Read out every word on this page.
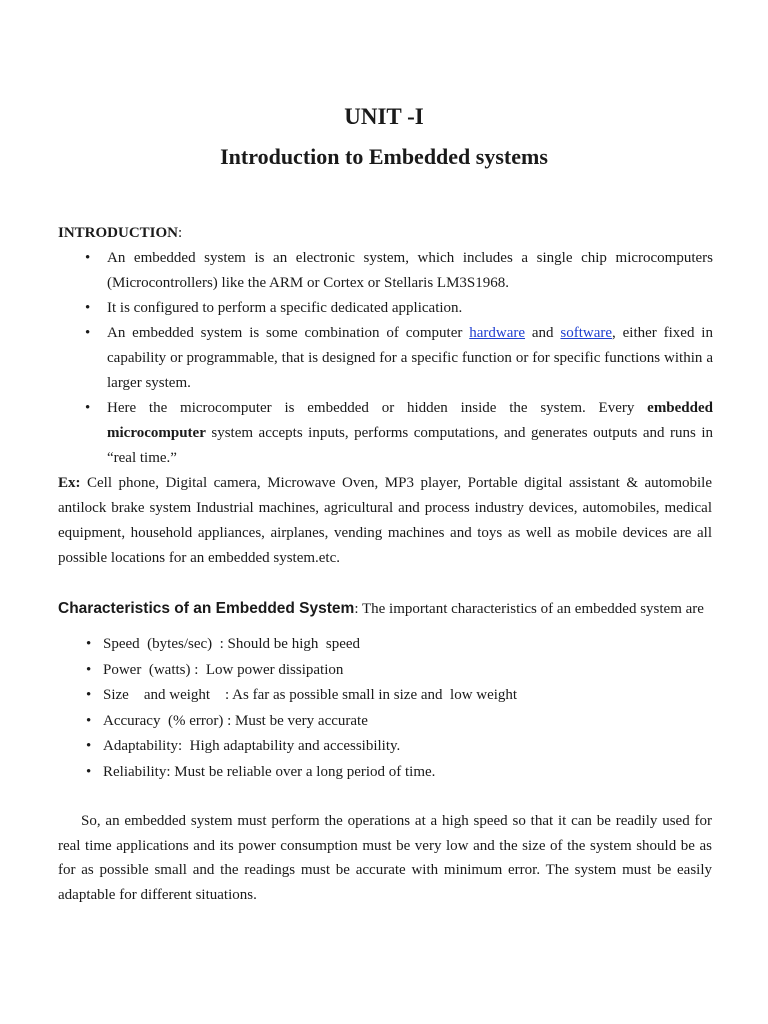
UNIT -I
Introduction to Embedded systems
INTRODUCTION:
• An embedded system is an electronic system, which includes a single chip microcomputers (Microcontrollers) like the ARM or Cortex or Stellaris LM3S1968.
• It is configured to perform a specific dedicated application.
• An embedded system is some combination of computer hardware and software, either fixed in capability or programmable, that is designed for a specific function or for specific functions within a larger system.
• Here the microcomputer is embedded or hidden inside the system. Every embedded microcomputer system accepts inputs, performs computations, and generates outputs and runs in “real time.”

Ex: Cell phone, Digital camera, Microwave Oven, MP3 player, Portable digital assistant & automobile antilock brake system Industrial machines, agricultural and process industry devices, automobiles, medical equipment, household appliances, airplanes, vending machines and toys as well as mobile devices are all possible locations for an embedded system.etc.

Characteristics of an Embedded System: The important characteristics of an embedded system are
• Speed  (bytes/sec)  : Should be high  speed
• Power  (watts) :  Low power dissipation
• Size    and weight    : As far as possible small in size and  low weight
• Accuracy  (% error) : Must be very accurate
• Adaptability:  High adaptability and accessibility.
• Reliability: Must be reliable over a long period of time.

So, an embedded system must perform the operations at a high speed so that it can be readily used for real time applications and its power consumption must be very low and the size of the system should be as for as possible small and the readings must be accurate with minimum error. The system must be easily adaptable for different situations.
